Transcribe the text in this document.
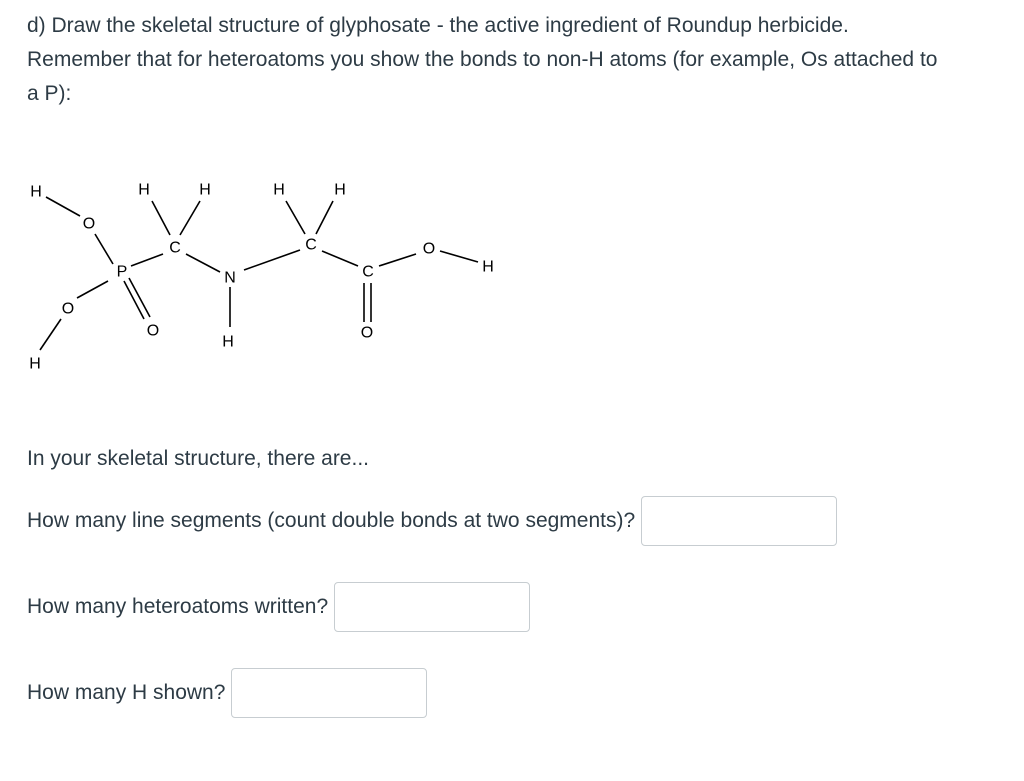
d) Draw the skeletal structure of glyphosate - the active ingredient of Roundup herbicide.
Remember that for heteroatoms you show the bonds to non-H atoms (for example, Os attached to
a P):
H
O
P
O
H
O
C
H	H
N
H
C
H	H
C
O
O
H

In your skeletal structure, there are...

How many line segments (count double bonds at two segments)?
How many heteroatoms written?
How many H shown?
